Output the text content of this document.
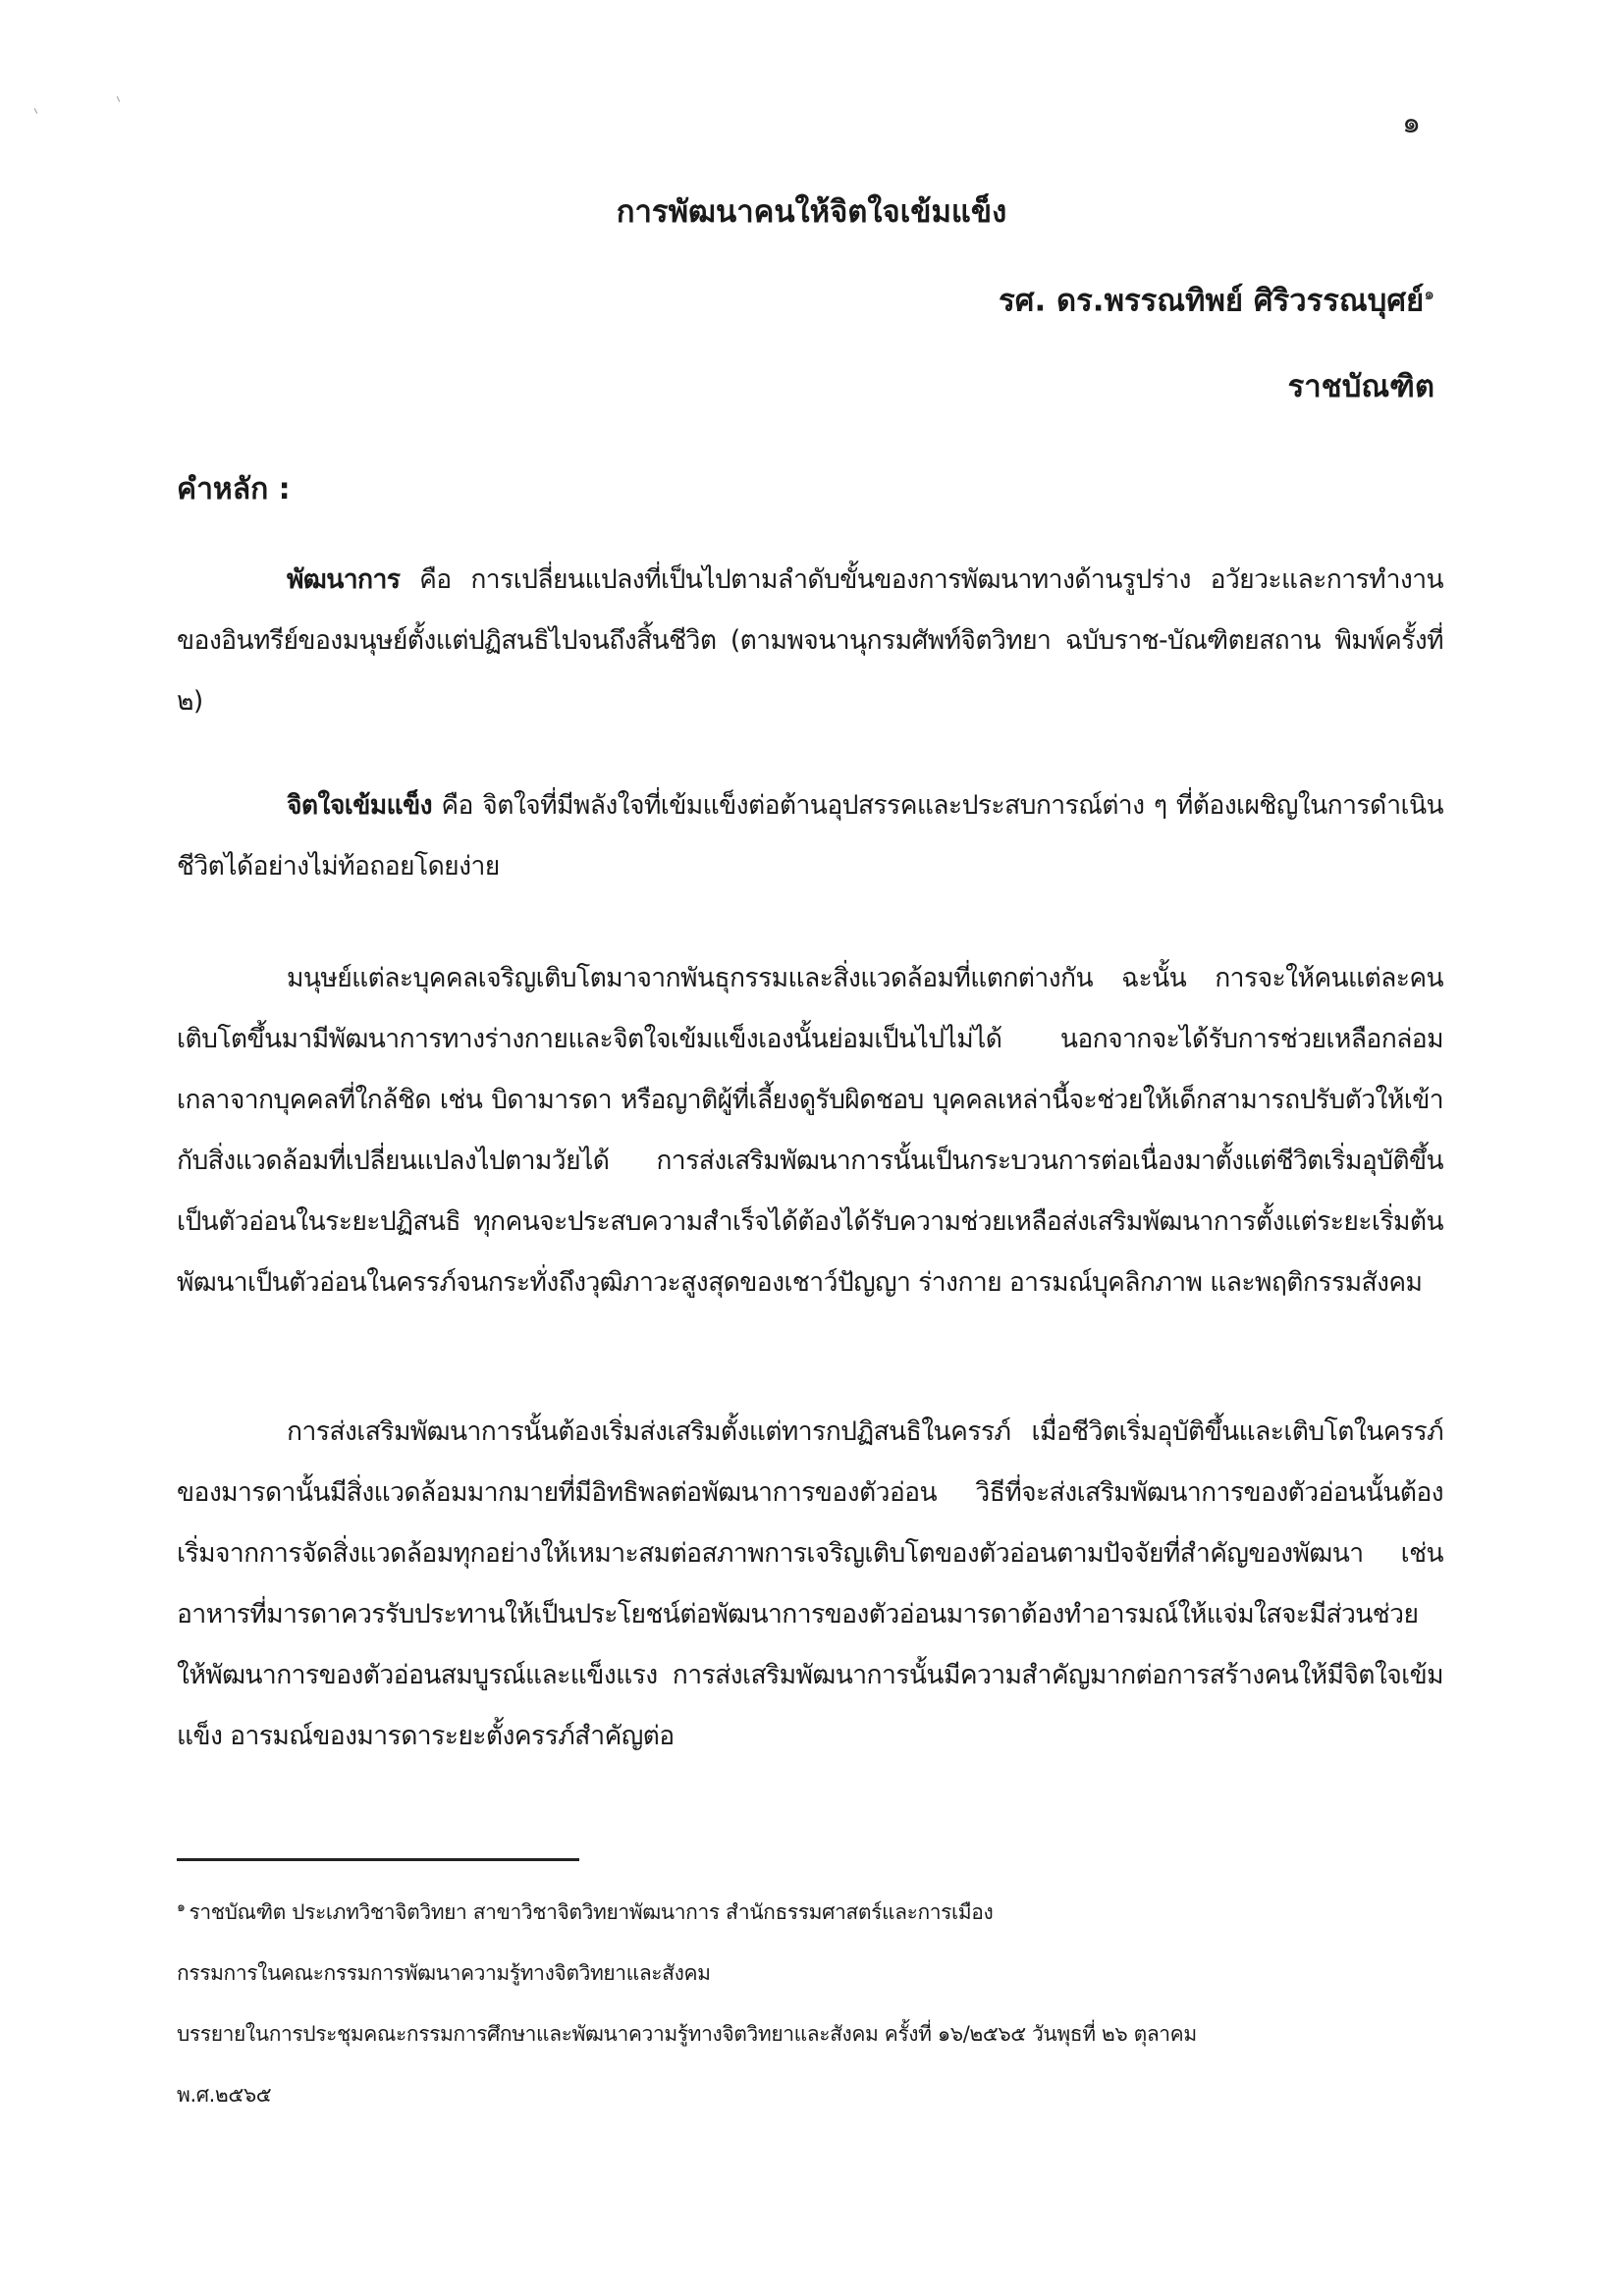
๑
การพัฒนาคนให้จิตใจเข้มแข็ง
รศ. ดร.พรรณทิพย์ ศิริวรรณบุศย์$^๑$
ราชบัณฑิต
คำหลัก :

พัฒนาการ คือ การเปลี่ยนแปลงที่เป็นไปตามลำดับขั้นของการพัฒนาทางด้านรูปร่าง อวัยวะและการทำงานของอินทรีย์ของมนุษย์ตั้งแต่ปฏิสนธิไปจนถึงสิ้นชีวิต (ตามพจนานุกรมศัพท์จิตวิทยา ฉบับราช-บัณฑิตยสถาน พิมพ์ครั้งที่ ๒)

จิตใจเข้มแข็ง คือ จิตใจที่มีพลังใจที่เข้มแข็งต่อต้านอุปสรรคและประสบการณ์ต่าง ๆ ที่ต้องเผชิญในการดำเนินชีวิตได้อย่างไม่ท้อถอยโดยง่าย

มนุษย์แต่ละบุคคลเจริญเติบโตมาจากพันธุกรรมและสิ่งแวดล้อมที่แตกต่างกัน ฉะนั้น การจะให้คนแต่ละคนเติบโตขึ้นมามีพัฒนาการทางร่างกายและจิตใจเข้มแข็งเองนั้นย่อมเป็นไปไม่ได้ นอกจากจะได้รับการช่วยเหลือกล่อมเกลาจากบุคคลที่ใกล้ชิด เช่น บิดามารดา หรือญาติผู้ที่เลี้ยงดูรับผิดชอบ บุคคลเหล่านี้จะช่วยให้เด็กสามารถปรับตัวให้เข้ากับสิ่งแวดล้อมที่เปลี่ยนแปลงไปตามวัยได้ การส่งเสริมพัฒนาการนั้นเป็นกระบวนการต่อเนื่องมาตั้งแต่ชีวิตเริ่มอุบัติขึ้นเป็นตัวอ่อนในระยะปฏิสนธิ ทุกคนจะประสบความสำเร็จได้ต้องได้รับความช่วยเหลือส่งเสริมพัฒนาการตั้งแต่ระยะเริ่มต้นพัฒนาเป็นตัวอ่อนในครรภ์จนกระทั่งถึงวุฒิภาวะสูงสุดของเชาว์ปัญญา ร่างกาย อารมณ์บุคลิกภาพ และพฤติกรรมสังคม

การส่งเสริมพัฒนาการนั้นต้องเริ่มส่งเสริมตั้งแต่ทารกปฏิสนธิในครรภ์ เมื่อชีวิตเริ่มอุบัติขึ้นและเติบโตในครรภ์ของมารดานั้นมีสิ่งแวดล้อมมากมายที่มีอิทธิพลต่อพัฒนาการของตัวอ่อน วิธีที่จะส่งเสริมพัฒนาการของตัวอ่อนนั้นต้องเริ่มจากการจัดสิ่งแวดล้อมทุกอย่างให้เหมาะสมต่อสภาพการเจริญเติบโตของตัวอ่อนตามปัจจัยที่สำคัญของพัฒนา เช่น อาหารที่มารดาควรรับประทานให้เป็นประโยชน์ต่อพัฒนาการของตัวอ่อนมารดาต้องทำอารมณ์ให้แจ่มใสจะมีส่วนช่วยให้พัฒนาการของตัวอ่อนสมบูรณ์และแข็งแรง การส่งเสริมพัฒนาการนั้นมีความสำคัญมากต่อการสร้างคนให้มีจิตใจเข้มแข็ง อารมณ์ของมารดาระยะตั้งครรภ์สำคัญต่อ

$^๑$ ราชบัณฑิต ประเภทวิชาจิตวิทยา สาขาวิชาจิตวิทยาพัฒนาการ สำนักธรรมศาสตร์และการเมือง
กรรมการในคณะกรรมการพัฒนาความรู้ทางจิตวิทยาและสังคม
บรรยายในการประชุมคณะกรรมการศึกษาและพัฒนาความรู้ทางจิตวิทยาและสังคม ครั้งที่ ๑๖/๒๕๖๕ วันพุธที่ ๒๖ ตุลาคม
พ.ศ.๒๕๖๕
